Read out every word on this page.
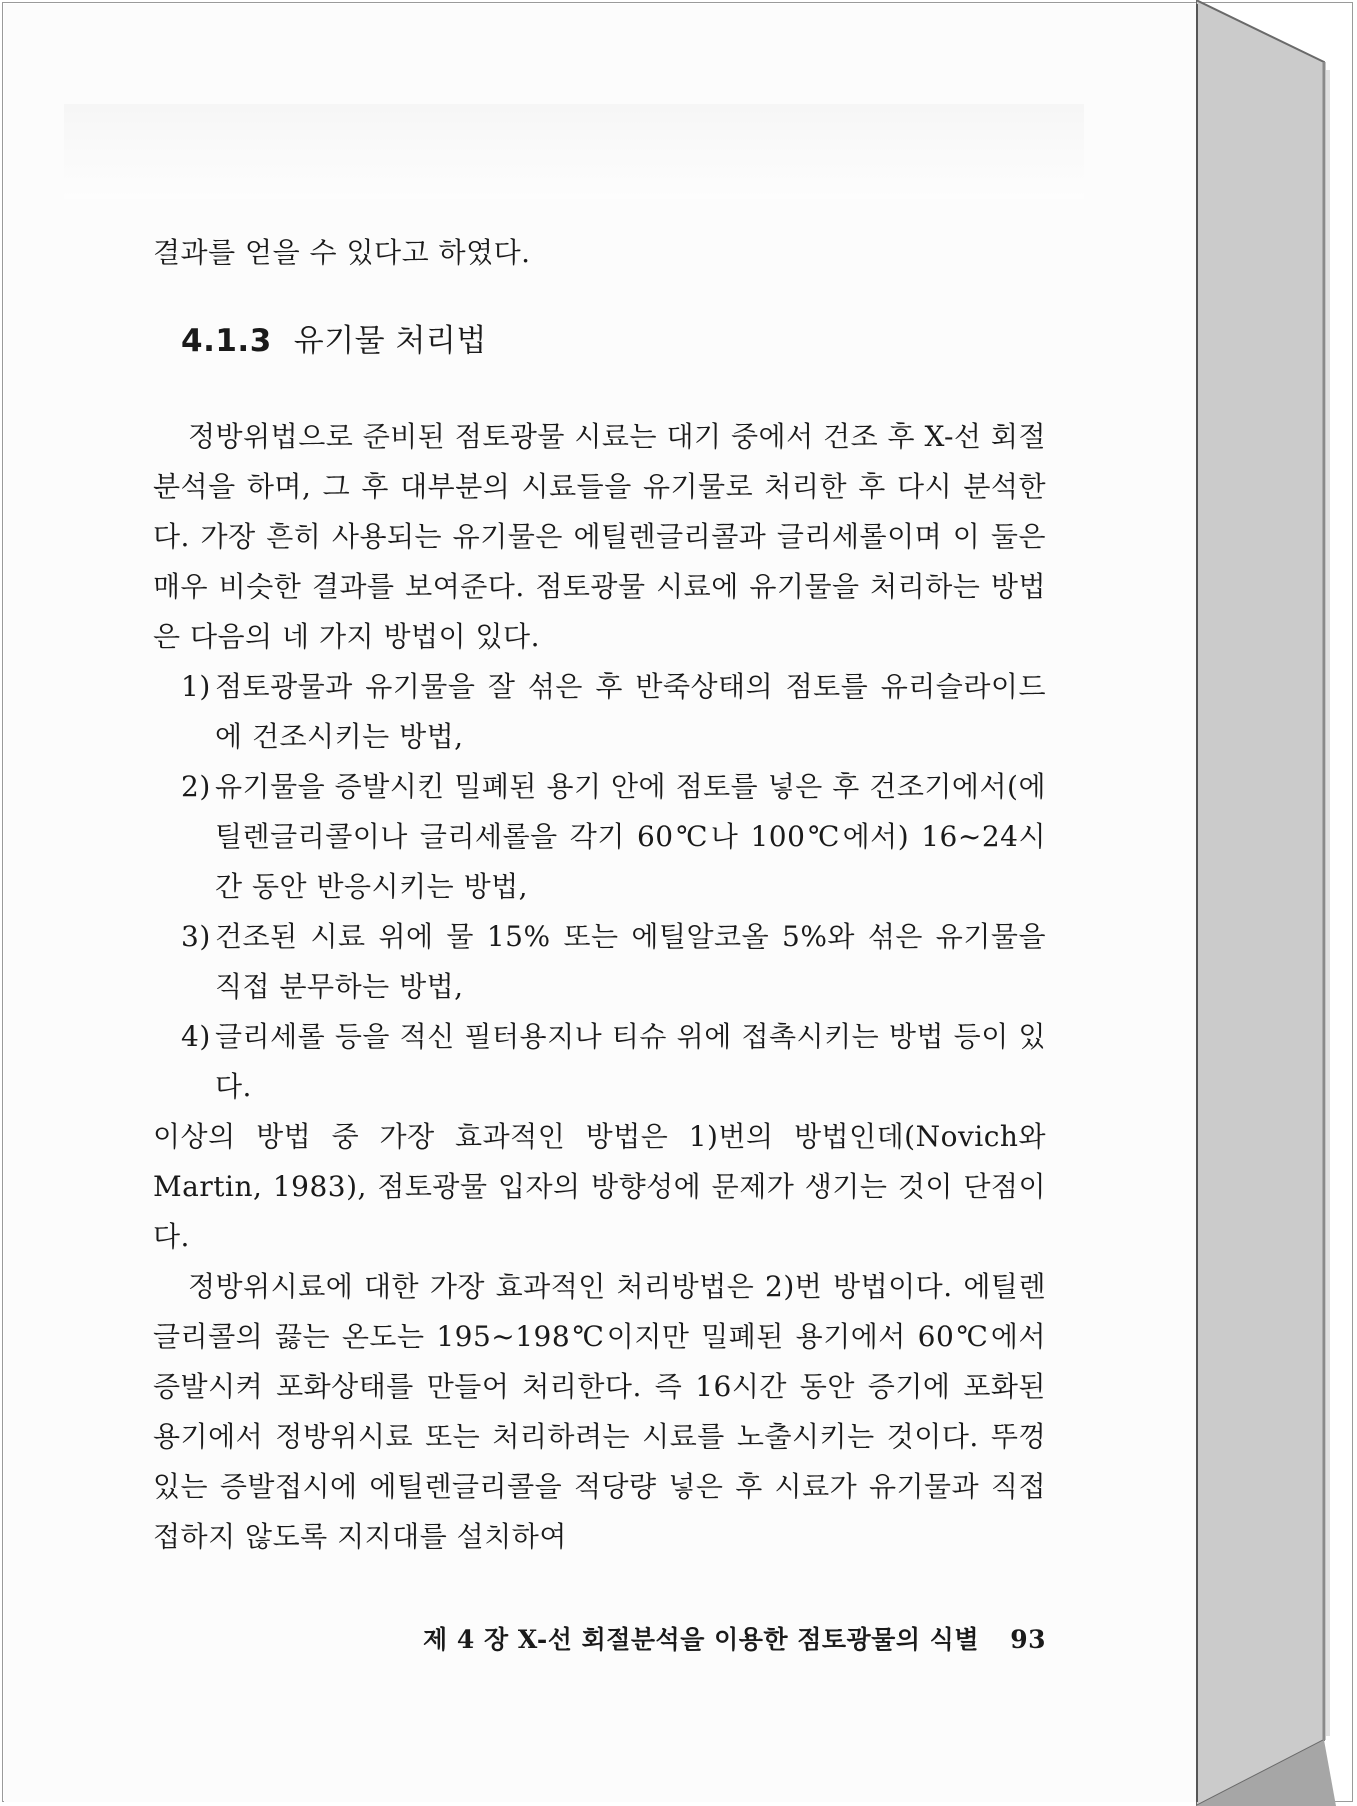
결과를 얻을 수 있다고 하였다.

4.1.3 유기물 처리법

정방위법으로 준비된 점토광물 시료는 대기 중에서 건조 후 X-선 회절분석을 하며, 그 후 대부분의 시료들을 유기물로 처리한 후 다시 분석한다. 가장 흔히 사용되는 유기물은 에틸렌글리콜과 글리세롤이며 이 둘은 매우 비슷한 결과를 보여준다. 점토광물 시료에 유기물을 처리하는 방법은 다음의 네 가지 방법이 있다.

1) 점토광물과 유기물을 잘 섞은 후 반죽상태의 점토를 유리슬라이드에 건조시키는 방법,
2) 유기물을 증발시킨 밀폐된 용기 안에 점토를 넣은 후 건조기에서(에틸렌글리콜이나 글리세롤을 각기 60℃나 100℃에서) 16~24시간 동안 반응시키는 방법,
3) 건조된 시료 위에 물 15% 또는 에틸알코올 5%와 섞은 유기물을 직접 분무하는 방법,
4) 글리세롤 등을 적신 필터용지나 티슈 위에 접촉시키는 방법 등이 있다.

이상의 방법 중 가장 효과적인 방법은 1)번의 방법인데(Novich와 Martin, 1983), 점토광물 입자의 방향성에 문제가 생기는 것이 단점이다.

정방위시료에 대한 가장 효과적인 처리방법은 2)번 방법이다. 에틸렌글리콜의 끓는 온도는 195~198℃이지만 밀폐된 용기에서 60℃에서 증발시켜 포화상태를 만들어 처리한다. 즉 16시간 동안 증기에 포화된 용기에서 정방위시료 또는 처리하려는 시료를 노출시키는 것이다. 뚜껑 있는 증발접시에 에틸렌글리콜을 적당량 넣은 후 시료가 유기물과 직접 접하지 않도록 지지대를 설치하여

제 4 장 X-선 회절분석을 이용한 점토광물의 식별 93
